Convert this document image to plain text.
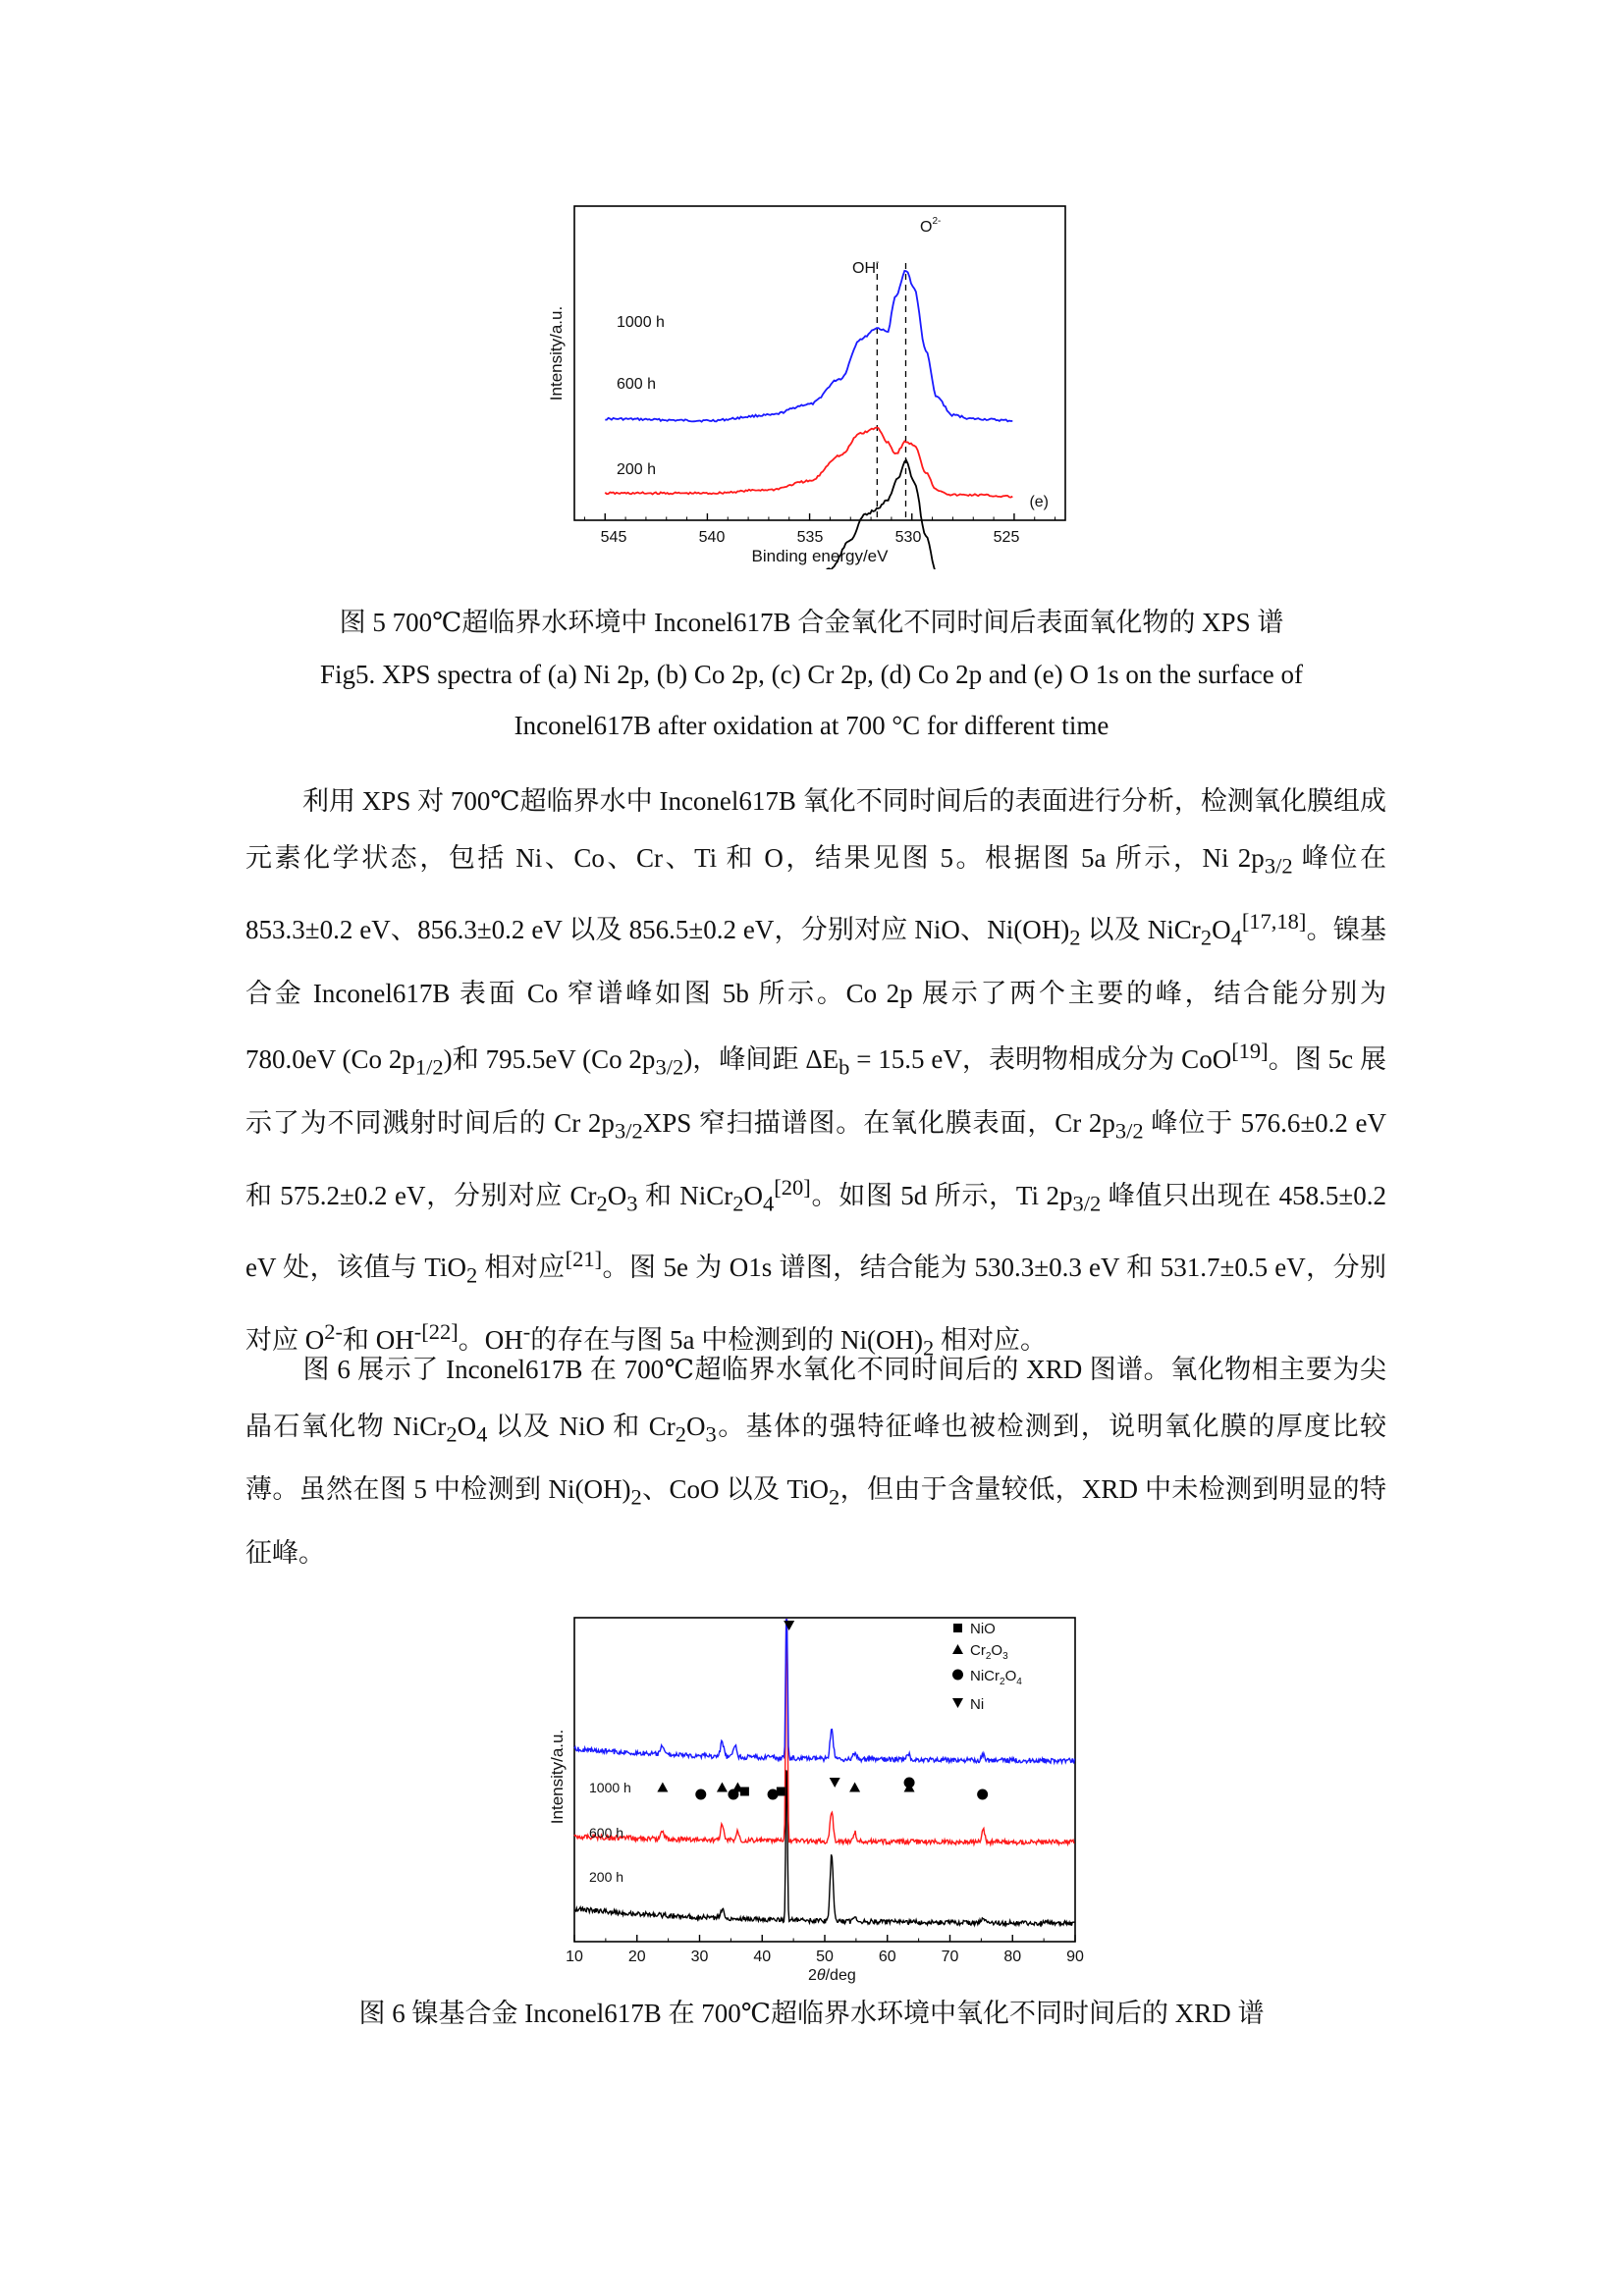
545	540	535	530	525
Binding energy/eV
Intensity/a.u.
(e)
1000 h
600 h
200 h
OH-
$O^{2-}$
图 5 700℃超临界水环境中 Inconel617B 合金氧化不同时间后表面氧化物的 XPS 谱
Fig5. XPS spectra of (a) Ni 2p, (b) Co 2p, (c) Cr 2p, (d) Co 2p and (e) O 1s on the surface of
Inconel617B after oxidation at 700 °C for different time

利用 XPS 对 700℃超临界水中 Inconel617B 氧化不同时间后的表面进行分析，检测氧化膜组成元素化学状态，包括 Ni、Co、Cr、Ti 和 O，结果见图 5。根据图 5a 所示，Ni $2p_{3/2}$ 峰位在 853.3±0.2 eV、856.3±0.2 eV 以及 856.5±0.2 eV，分别对应 NiO、$Ni(OH)_2$ 以及 $NiCr_2O_4[17,18]$。镍基合金 Inconel617B 表面 Co 窄谱峰如图 5b 所示。Co 2p 展示了两个主要的峰，结合能分别为 780.0eV (Co $2p_{1/2}$)和 795.5eV (Co $2p_{3/2}$)，峰间距 $\Delta E_b = 15.5$ eV，表明物相成分为 CoO[19]。图 5c 展示了为不同溅射时间后的 Cr $2p_{3/2}XPS$ 窄扫描谱图。在氧化膜表面，Cr $2p_{3/2}$ 峰位于 576.6±0.2 eV 和 575.2±0.2 eV，分别对应 $Cr_2O_3$ 和 $NiCr_2O_4[20]$。如图 5d 所示，Ti $2p_{3/2}$ 峰值只出现在 458.5±0.2 eV 处，该值与 TiO$_2$ 相对应[21]。图 5e 为 O1s 谱图，结合能为 530.3±0.3 eV 和 531.7±0.5 eV，分别对应 $O^{2-}$和 $OH^{-[22]}$。OH-的存在与图 5a 中检测到的 $Ni(OH)_2$ 相对应。

图 6 展示了 Inconel617B 在 700℃超临界水氧化不同时间后的 XRD 图谱。氧化物相主要为尖晶石氧化物 $NiCr_2O_4$ 以及 NiO 和 $Cr_2O_3$。基体的强特征峰也被检测到，说明氧化膜的厚度比较薄。虽然在图 5 中检测到 $Ni(OH)_2$、CoO 以及 TiO$_2$，但由于含量较低，XRD 中未检测到明显的特征峰。

10	20	30	40	50	60	70	80	90
2θ/deg
Intensity/a.u. 1000 h
600 h
200 h
NiO
$Cr_2O_3$
$NiCr_2O_4$
Ni
图 6 镍基合金 Inconel617B 在 700℃超临界水环境中氧化不同时间后的 XRD 谱
